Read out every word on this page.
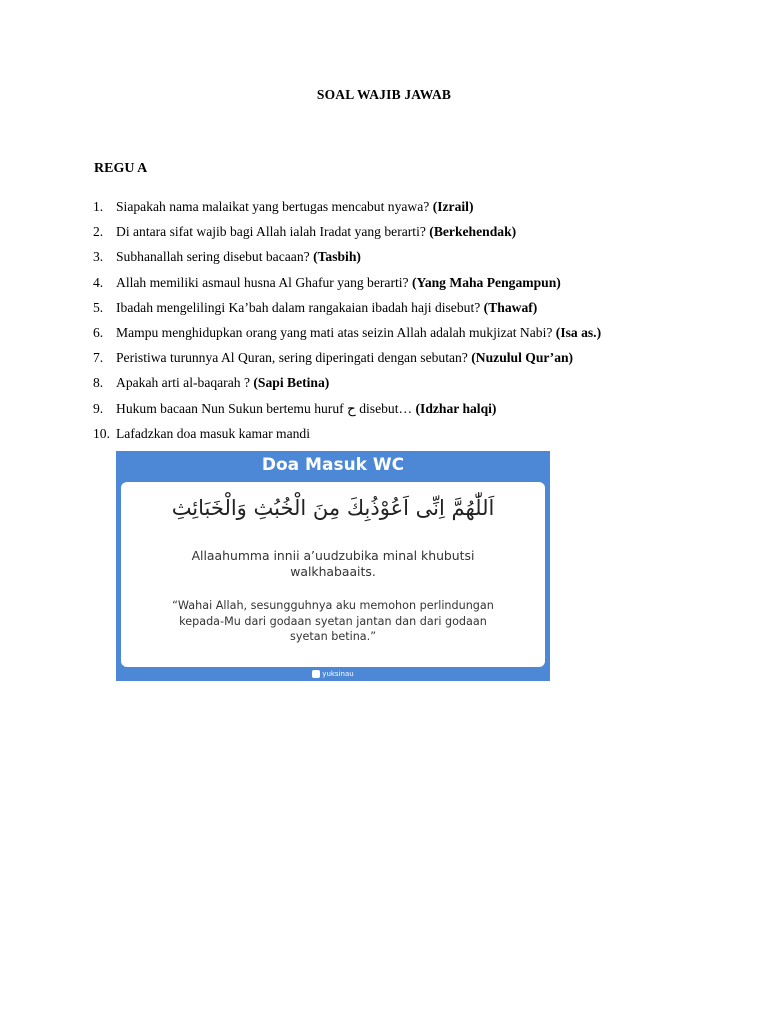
SOAL WAJIB JAWAB
REGU A
1. Siapakah nama malaikat yang bertugas mencabut nyawa? (Izrail)
2. Di antara sifat wajib bagi Allah ialah Iradat yang berarti? (Berkehendak)
3. Subhanallah sering disebut bacaan? (Tasbih)
4. Allah memiliki asmaul husna Al Ghafur yang berarti? (Yang Maha Pengampun)
5. Ibadah mengelilingi Ka’bah dalam rangakaian ibadah haji disebut? (Thawaf)
6. Mampu menghidupkan orang yang mati atas seizin Allah adalah mukjizat Nabi? (Isa as.)
7. Peristiwa turunnya Al Quran, sering diperingati dengan sebutan? (Nuzulul Qur’an)
8. Apakah arti al-baqarah ? (Sapi Betina)
9. Hukum bacaan Nun Sukun bertemu huruf ح disebut… (Idzhar halqi)
10. Lafadzkan doa masuk kamar mandi
Doa Masuk WC
اَللّٰهُمَّ اِنِّى اَعُوْذُبِكَ مِنَ الْخُبُثِ وَالْخَبَائِثِ
Allaahumma innii a’uudzubika minal khubutsi walkhabaaits.
“Wahai Allah, sesungguhnya aku memohon perlindungan kepada-Mu dari godaan syetan jantan dan dari godaan syetan betina.”
yuksinau
